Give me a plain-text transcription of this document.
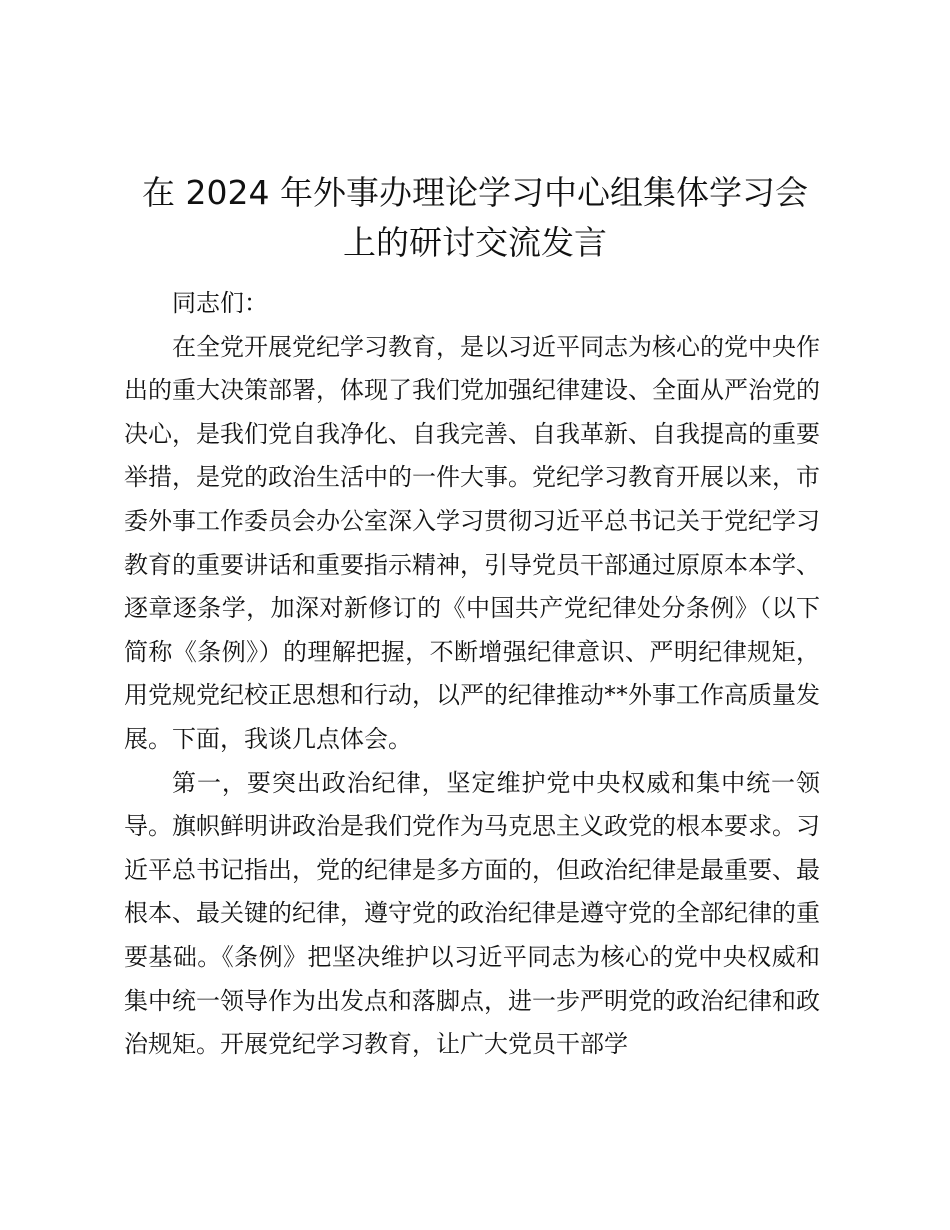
在 2024 年外事办理论学习中心组集体学习会
上的研讨交流发言

同志们：

在全党开展党纪学习教育，是以习近平同志为核心的党中央作出的重大决策部署，体现了我们党加强纪律建设、全面从严治党的决心，是我们党自我净化、自我完善、自我革新、自我提高的重要举措，是党的政治生活中的一件大事。党纪学习教育开展以来，市委外事工作委员会办公室深入学习贯彻习近平总书记关于党纪学习教育的重要讲话和重要指示精神，引导党员干部通过原原本本学、逐章逐条学，加深对新修订的《中国共产党纪律处分条例》（以下简称《条例》）的理解把握，不断增强纪律意识、严明纪律规矩，用党规党纪校正思想和行动，以严的纪律推动**外事工作高质量发展。下面，我谈几点体会。

第一，要突出政治纪律，坚定维护党中央权威和集中统一领导。旗帜鲜明讲政治是我们党作为马克思主义政党的根本要求。习近平总书记指出，党的纪律是多方面的，但政治纪律是最重要、最根本、最关键的纪律，遵守党的政治纪律是遵守党的全部纪律的重要基础。《条例》把坚决维护以习近平同志为核心的党中央权威和集中统一领导作为出发点和落脚点，进一步严明党的政治纪律和政治规矩。开展党纪学习教育，让广大党员干部学
